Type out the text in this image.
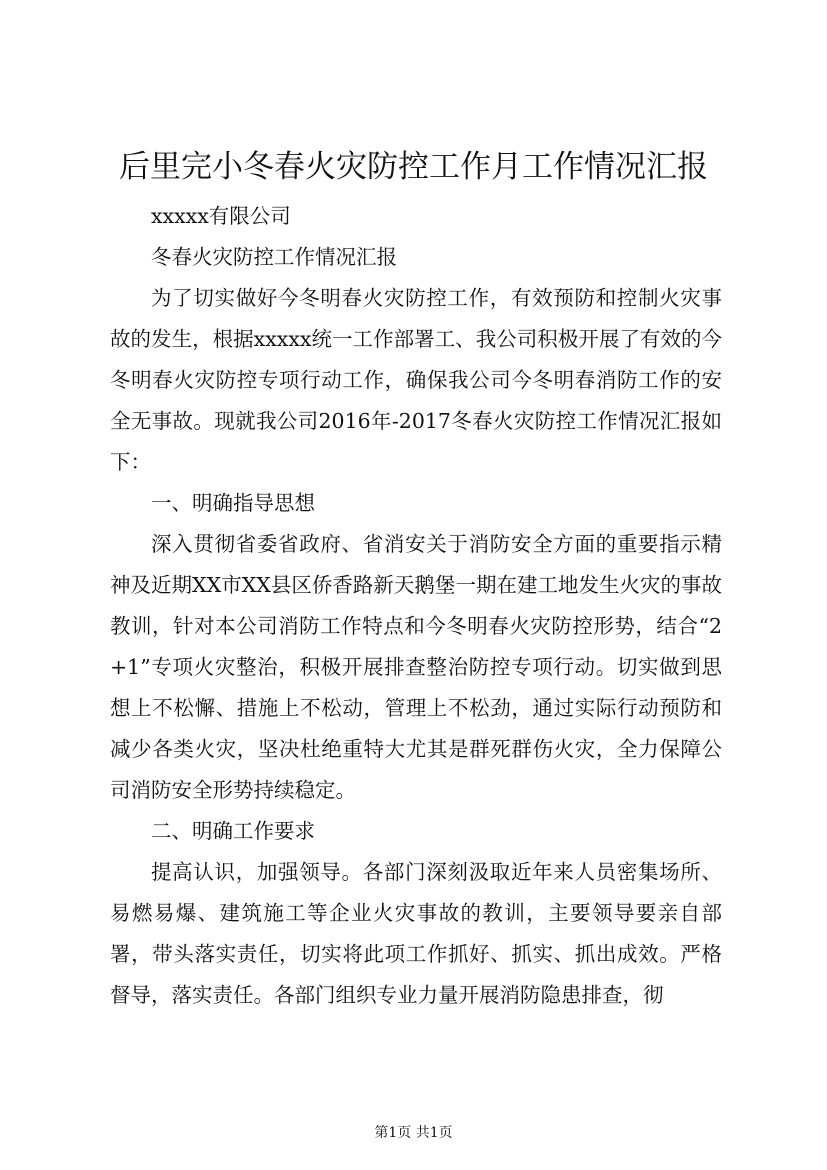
后里完小冬春火灾防控工作月工作情况汇报

xxxxx有限公司

冬春火灾防控工作情况汇报

为了切实做好今冬明春火灾防控工作，有效预防和控制火灾事故的发生，根据xxxxx统一工作部署工、我公司积极开展了有效的今冬明春火灾防控专项行动工作，确保我公司今冬明春消防工作的安全无事故。现就我公司2016年-2017冬春火灾防控工作情况汇报如下：

一、明确指导思想

深入贯彻省委省政府、省消安关于消防安全方面的重要指示精神及近期XX市XX县区侨香路新天鹅堡一期在建工地发生火灾的事故教训，针对本公司消防工作特点和今冬明春火灾防控形势，结合“2+1”专项火灾整治，积极开展排查整治防控专项行动。切实做到思想上不松懈、措施上不松动，管理上不松劲，通过实际行动预防和减少各类火灾，坚决杜绝重特大尤其是群死群伤火灾，全力保障公司消防安全形势持续稳定。

二、明确工作要求

提高认识，加强领导。各部门深刻汲取近年来人员密集场所、易燃易爆、建筑施工等企业火灾事故的教训，主要领导要亲自部署，带头落实责任，切实将此项工作抓好、抓实、抓出成效。严格督导，落实责任。各部门组织专业力量开展消防隐患排查，彻

第1页 共1页
